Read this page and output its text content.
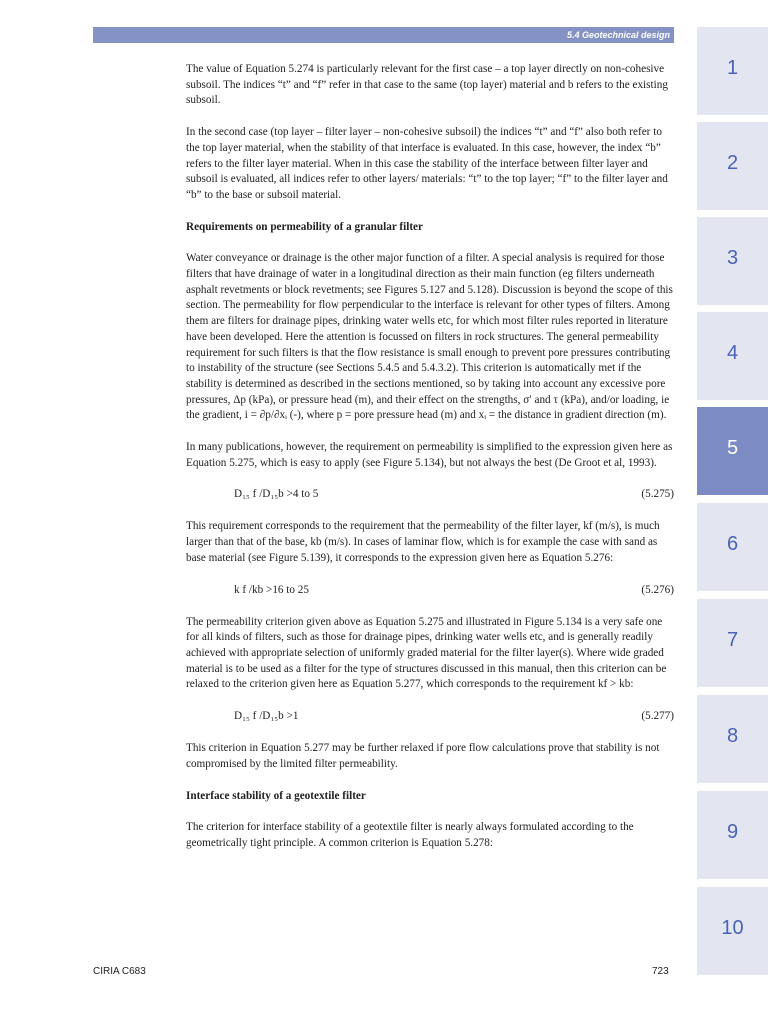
5.4 Geotechnical design

The value of Equation 5.274 is particularly relevant for the first case – a top layer directly on non-cohesive subsoil. The indices “t” and “f” refer in that case to the same (top layer) material and b refers to the existing subsoil.

In the second case (top layer – filter layer – non-cohesive subsoil) the indices “t” and “f” also both refer to the top layer material, when the stability of that interface is evaluated. In this case, however, the index “b” refers to the filter layer material. When in this case the stability of the interface between filter layer and subsoil is evaluated, all indices refer to other layers/ materials: “t” to the top layer; “f” to the filter layer and “b” to the base or subsoil material.

Requirements on permeability of a granular filter

Water conveyance or drainage is the other major function of a filter. A special analysis is required for those filters that have drainage of water in a longitudinal direction as their main function (eg filters underneath asphalt revetments or block revetments; see Figures 5.127 and 5.128). Discussion is beyond the scope of this section. The permeability for flow perpendicular to the interface is relevant for other types of filters. Among them are filters for drainage pipes, drinking water wells etc, for which most filter rules reported in literature have been developed. Here the attention is focussed on filters in rock structures. The general permeability requirement for such filters is that the flow resistance is small enough to prevent pore pressures contributing to instability of the structure (see Sections 5.4.5 and 5.4.3.2). This criterion is automatically met if the stability is determined as described in the sections mentioned, so by taking into account any excessive pore pressures, Δp (kPa), or pressure head (m), and their effect on the strengths, σ′ and τ (kPa), and/or loading, ie the gradient, i = ∂p/∂xᵢ (-), where p = pore pressure head (m) and xᵢ = the distance in gradient direction (m).

In many publications, however, the requirement on permeability is simplified to the expression given here as Equation 5.275, which is easy to apply (see Figure 5.134), but not always the best (De Groot et al, 1993).

D₁₅ f /D₁₅b >4 to 5	(5.275)

This requirement corresponds to the requirement that the permeability of the filter layer, kf (m/s), is much larger than that of the base, kb (m/s). In cases of laminar flow, which is for example the case with sand as base material (see Figure 5.139), it corresponds to the expression given here as Equation 5.276:

k f /kb >16 to 25	(5.276)

The permeability criterion given above as Equation 5.275 and illustrated in Figure 5.134 is a very safe one for all kinds of filters, such as those for drainage pipes, drinking water wells etc, and is generally readily achieved with appropriate selection of uniformly graded material for the filter layer(s). Where wide graded material is to be used as a filter for the type of structures discussed in this manual, then this criterion can be relaxed to the criterion given here as Equation 5.277, which corresponds to the requirement kf > kb:

D₁₅ f /D₁₅b >1	(5.277)

This criterion in Equation 5.277 may be further relaxed if pore flow calculations prove that stability is not compromised by the limited filter permeability.

Interface stability of a geotextile filter

The criterion for interface stability of a geotextile filter is nearly always formulated according to the geometrically tight principle. A common criterion is Equation 5.278:

CIRIA C683	723
1
2
3
4
5
6
7
8
9
10
